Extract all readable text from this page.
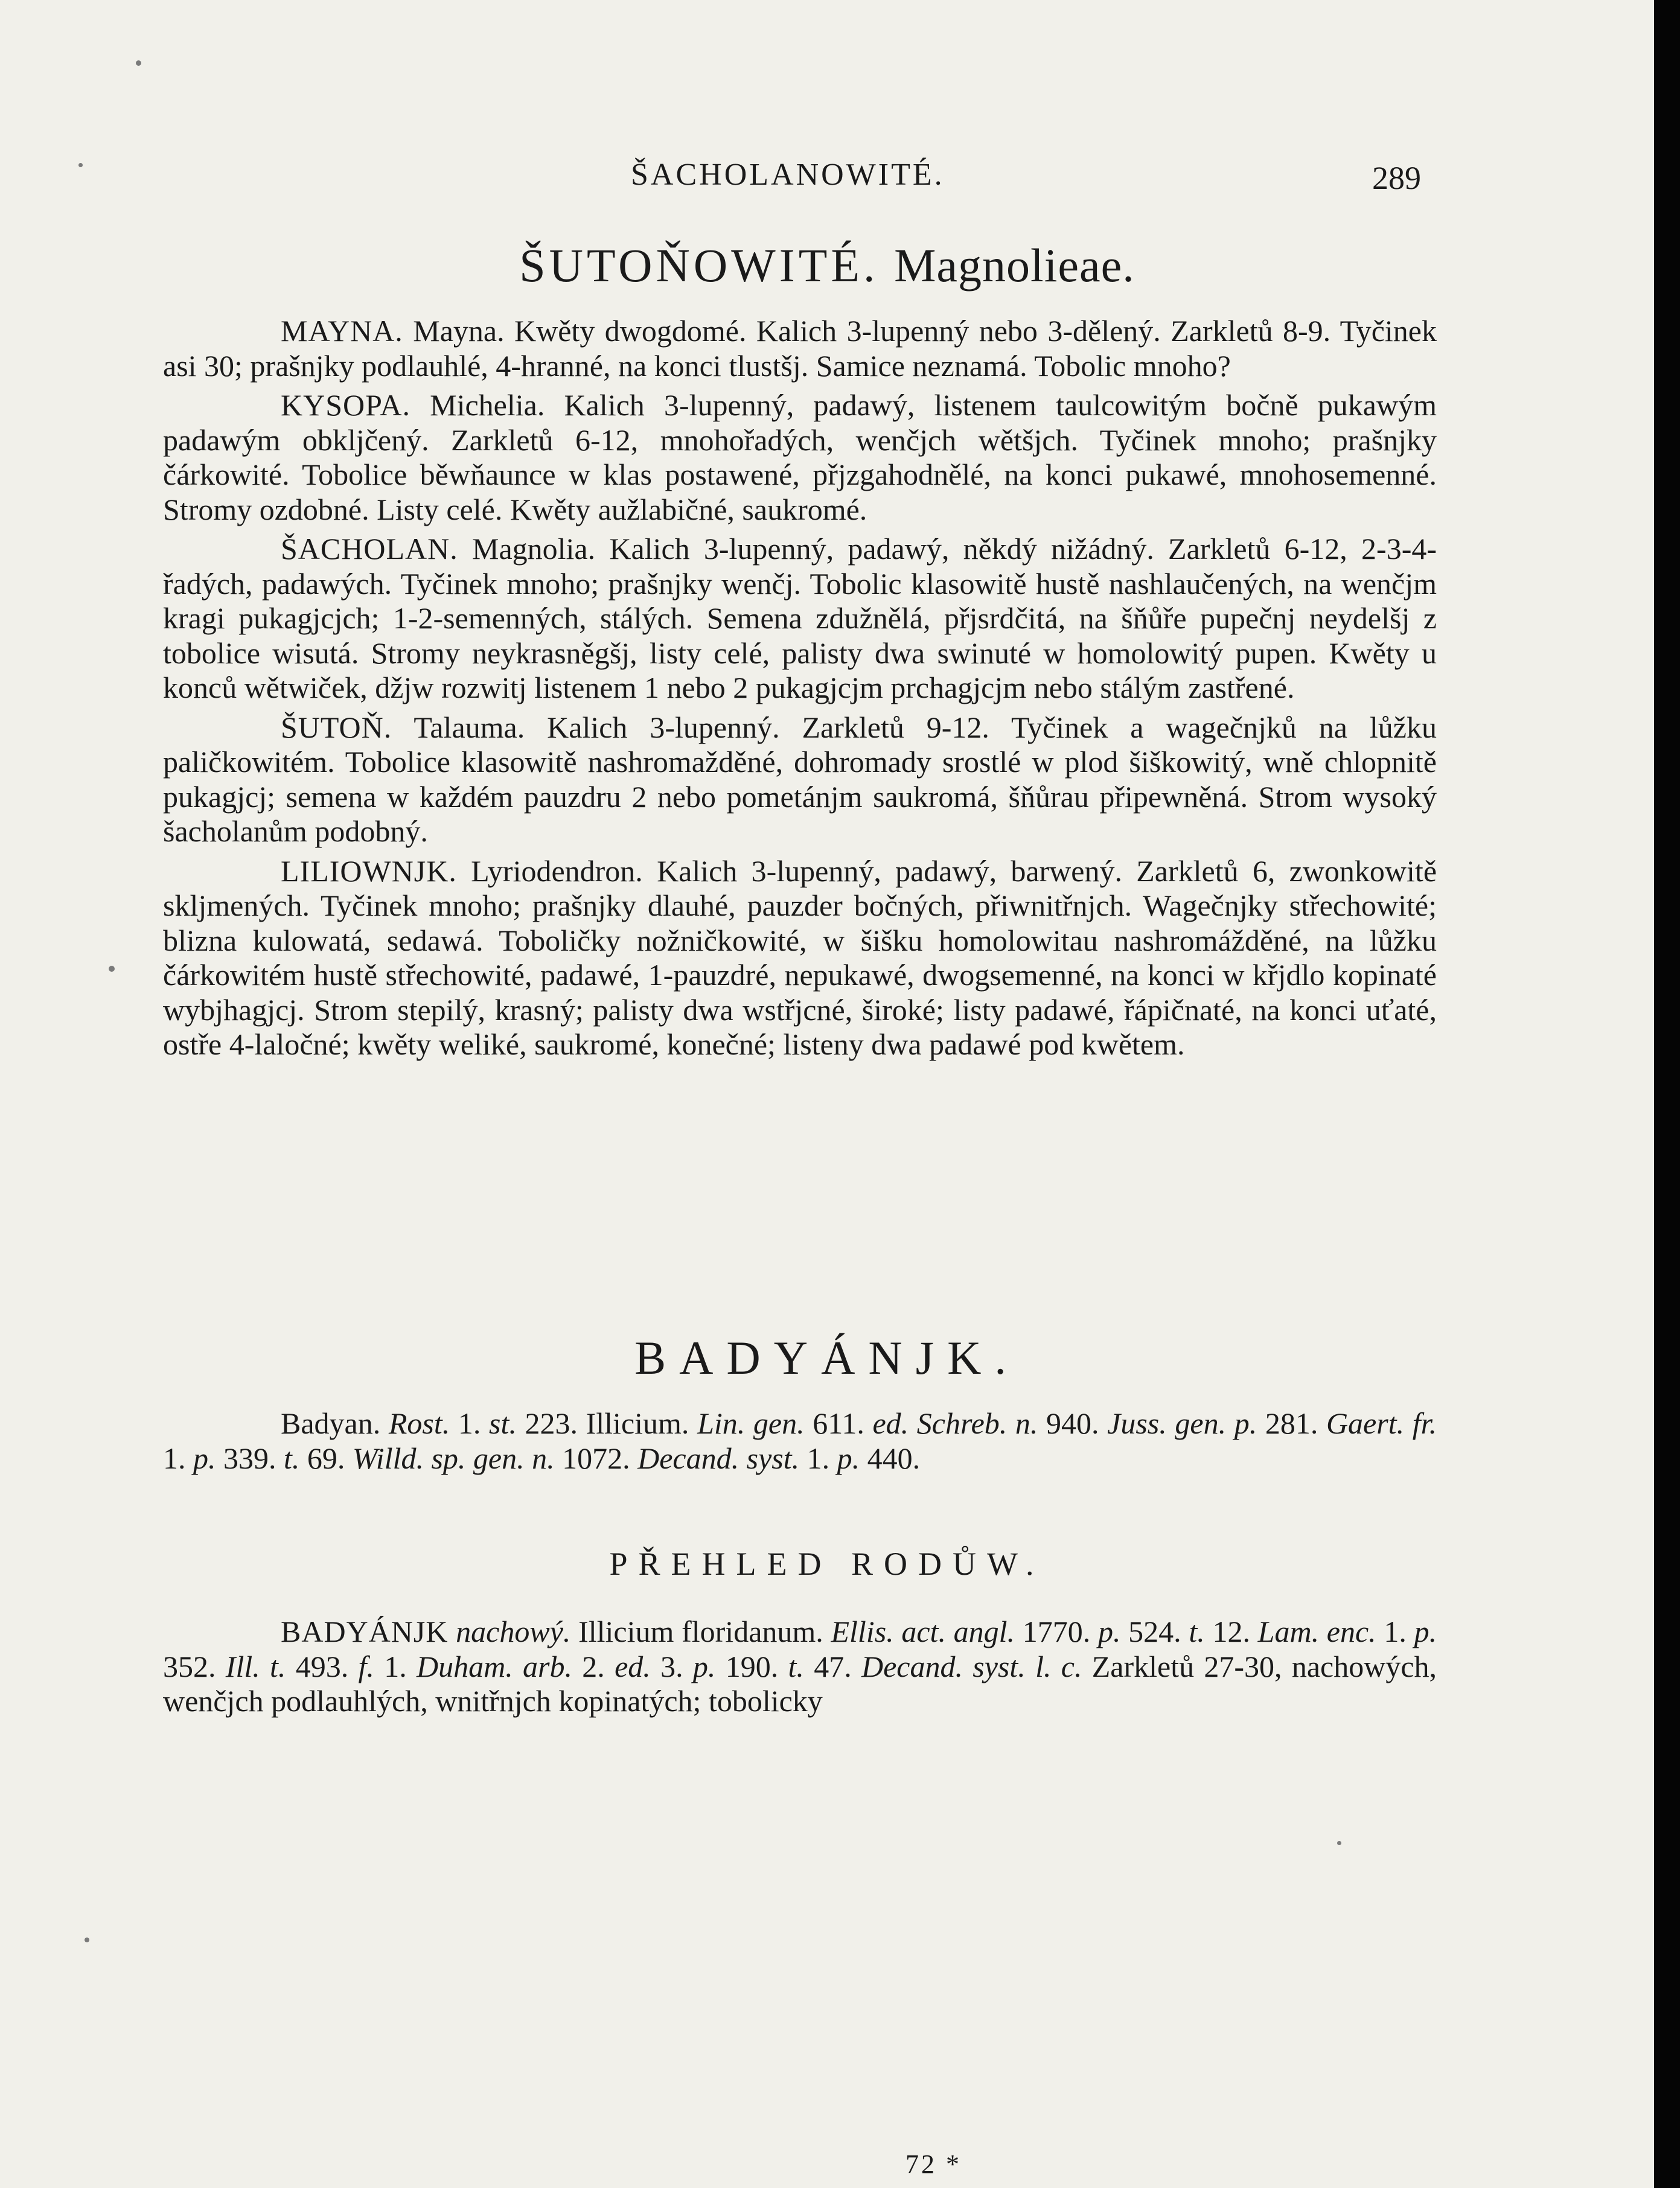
ŠACHOLANOWITÉ.	289
ŠUTOŇOWITÉ. Magnolieae.

MAYNA. Mayna. Kwěty dwogdomé. Kalich 3-lupenný nebo 3-dělený. Zarkletů 8-9. Tyčinek asi 30; prašnjky podlauhlé, 4-hranné, na konci tlustšj. Samice neznamá. Tobolic mnoho?

KYSOPA. Michelia. Kalich 3-lupenný, padawý, listenem taulcowitým bočně pukawým padawým obkljčený. Zarkletů 6-12, mnohořadých, wenčjch wětšjch. Tyčinek mnoho; prašnjky čárkowité. Tobolice běwňaunce w klas postawené, přjzgahodnělé, na konci pukawé, mnohosemenné. Stromy ozdobné. Listy celé. Kwěty aužlabičné, saukromé.

ŠACHOLAN. Magnolia. Kalich 3-lupenný, padawý, někdý nižádný. Zarkletů 6-12, 2-3-4-řadých, padawých. Tyčinek mnoho; prašnjky wenčj. Tobolic klasowitě hustě nashlaučených, na wenčjm kragi pukagjcjch; 1-2-semenných, stálých. Semena zdužnělá, přjsrdčitá, na šňůře pupečnj neydelšj z tobolice wisutá. Stromy neykrasněgšj, listy celé, palisty dwa swinuté w homolowitý pupen. Kwěty u konců wětwiček, džjw rozwitj listenem 1 nebo 2 pukagjcjm prchagjcjm nebo stálým zastřené.

ŠUTOŇ. Talauma. Kalich 3-lupenný. Zarkletů 9-12. Tyčinek a wagečnjků na lůžku paličkowitém. Tobolice klasowitě nashromažděné, dohromady srostlé w plod šiškowitý, wně chlopnitě pukagjcj; semena w každém pauzdru 2 nebo pometánjm saukromá, šňůrau připewněná. Strom wysoký šacholanům podobný.

LILIOWNJK. Lyriodendron. Kalich 3-lupenný, padawý, barwený. Zarkletů 6, zwonkowitě skljmených. Tyčinek mnoho; prašnjky dlauhé, pauzder bočných, přiwnitřnjch. Wagečnjky střechowité; blizna kulowatá, sedawá. Toboličky nožničkowité, w šišku homolowitau nashromážděné, na lůžku čárkowitém hustě střechowité, padawé, 1-pauzdré, nepukawé, dwogsemenné, na konci w křjdlo kopinaté wybjhagjcj. Strom stepilý, krasný; palisty dwa wstřjcné, široké; listy padawé, řápičnaté, na konci uťaté, ostře 4-laločné; kwěty weliké, saukromé, konečné; listeny dwa padawé pod kwětem.

BADYÁNJK.

Badyan. Rost. 1. st. 223. Illicium. Lin. gen. 611. ed. Schreb. n. 940. Juss. gen. p. 281. Gaert. fr. 1. p. 339. t. 69. Willd. sp. gen. n. 1072. Decand. syst. 1. p. 440.

PŘEHLED RODŮW.

BADYÁNJK nachowý. Illicium floridanum. Ellis. act. angl. 1770. p. 524. t. 12. Lam. enc. 1. p. 352. Ill. t. 493. f. 1. Duham. arb. 2. ed. 3. p. 190. t. 47. Decand. syst. l. c. Zarkletů 27-30, nachowých, wenčjch podlauhlých, wnitřnjch kopinatých; tobolicky

72 *
